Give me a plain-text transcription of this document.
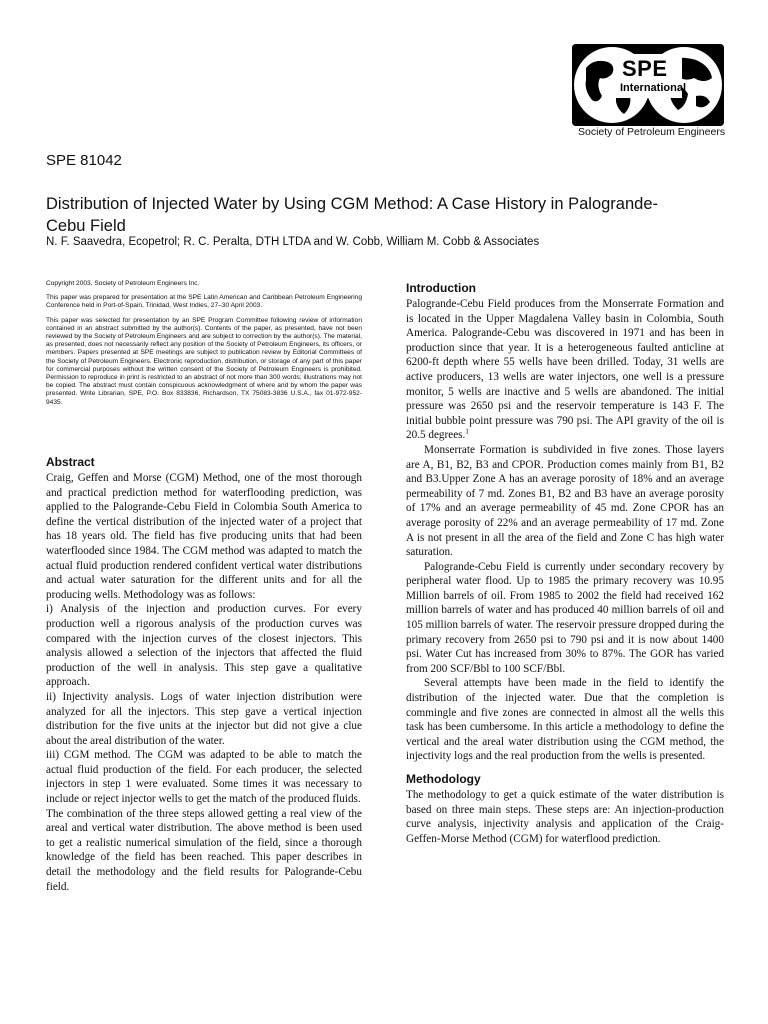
SPE
International
Society of Petroleum Engineers
SPE 81042
Distribution of Injected Water by Using CGM Method: A Case History in Palogrande-Cebu Field
N. F. Saavedra, Ecopetrol; R. C. Peralta, DTH LTDA and W. Cobb, William M. Cobb & Associates

Copyright 2003, Society of Petroleum Engineers Inc.

This paper was prepared for presentation at the SPE Latin American and Caribbean Petroleum Engineering Conference held in Port-of-Spain, Trinidad, West Indies, 27–30 April 2003.

This paper was selected for presentation by an SPE Program Committee following review of information contained in an abstract submitted by the author(s). Contents of the paper, as presented, have not been reviewed by the Society of Petroleum Engineers and are subject to correction by the author(s). The material, as presented, does not necessarily reflect any position of the Society of Petroleum Engineers, its officers, or members. Papers presented at SPE meetings are subject to publication review by Editorial Committees of the Society of Petroleum Engineers. Electronic reproduction, distribution, or storage of any part of this paper for commercial purposes without the written consent of the Society of Petroleum Engineers is prohibited. Permission to reproduce in print is restricted to an abstract of not more than 300 words; illustrations may not be copied. The abstract must contain conspicuous acknowledgment of where and by whom the paper was presented. Write Librarian, SPE, P.O. Box 833836, Richardson, TX 75083-3836 U.S.A., fax 01-972-952-9435.

Abstract

Craig, Geffen and Morse (CGM) Method, one of the most thorough and practical prediction method for waterflooding prediction, was applied to the Palogrande-Cebu Field in Colombia South America to define the vertical distribution of the injected water of a project that has 18 years old. The field has five producing units that had been waterflooded since 1984. The CGM method was adapted to match the actual fluid production rendered confident vertical water distributions and actual water saturation for the different units and for all the producing wells. Methodology was as follows:

i) Analysis of the injection and production curves. For every production well a rigorous analysis of the production curves was compared with the injection curves of the closest injectors. This analysis allowed a selection of the injectors that affected the fluid production of the well in analysis. This step gave a qualitative approach.

ii) Injectivity analysis. Logs of water injection distribution were analyzed for all the injectors. This step gave a vertical injection distribution for the five units at the injector but did not give a clue about the areal distribution of the water.

iii) CGM method. The CGM was adapted to be able to match the actual fluid production of the field. For each producer, the selected injectors in step 1 were evaluated. Some times it was necessary to include or reject injector wells to get the match of the produced fluids.

The combination of the three steps allowed getting a real view of the areal and vertical water distribution. The above method is been used to get a realistic numerical simulation of the field, since a thorough knowledge of the field has been reached. This paper describes in detail the methodology and the field results for Palogrande-Cebu field.

Introduction

Palogrande-Cebu Field produces from the Monserrate Formation and is located in the Upper Magdalena Valley basin in Colombia, South America. Palogrande-Cebu was discovered in 1971 and has been in production since that year. It is a heterogeneous faulted anticline at 6200-ft depth where 55 wells have been drilled. Today, 31 wells are active producers, 13 wells are water injectors, one well is a pressure monitor, 5 wells are inactive and 5 wells are abandoned. The initial pressure was 2650 psi and the reservoir temperature is 143 F. The initial bubble point pressure was 790 psi. The API gravity of the oil is 20.5 degrees.$^1$

Monserrate Formation is subdivided in five zones. Those layers are A, B1, B2, B3 and CPOR. Production comes mainly from B1, B2 and B3.Upper Zone A has an average porosity of 18% and an average permeability of 7 md. Zones B1, B2 and B3 have an average porosity of 17% and an average permeability of 45 md. Zone CPOR has an average porosity of 22% and an average permeability of 17 md. Zone A is not present in all the area of the field and Zone C has high water saturation.

Palogrande-Cebu Field is currently under secondary recovery by peripheral water flood. Up to 1985 the primary recovery was 10.95 Million barrels of oil. From 1985 to 2002 the field had received 162 million barrels of water and has produced 40 million barrels of oil and 105 million barrels of water. The reservoir pressure dropped during the primary recovery from 2650 psi to 790 psi and it is now about 1400 psi. Water Cut has increased from 30% to 87%. The GOR has varied from 200 SCF/Bbl to 100 SCF/Bbl.

Several attempts have been made in the field to identify the distribution of the injected water. Due that the completion is commingle and five zones are connected in almost all the wells this task has been cumbersome. In this article a methodology to define the vertical and the areal water distribution using the CGM method, the injectivity logs and the real production from the wells is presented.

Methodology

The methodology to get a quick estimate of the water distribution is based on three main steps. These steps are: An injection-production curve analysis, injectivity analysis and application of the Craig-Geffen-Morse Method (CGM) for waterflood prediction.
